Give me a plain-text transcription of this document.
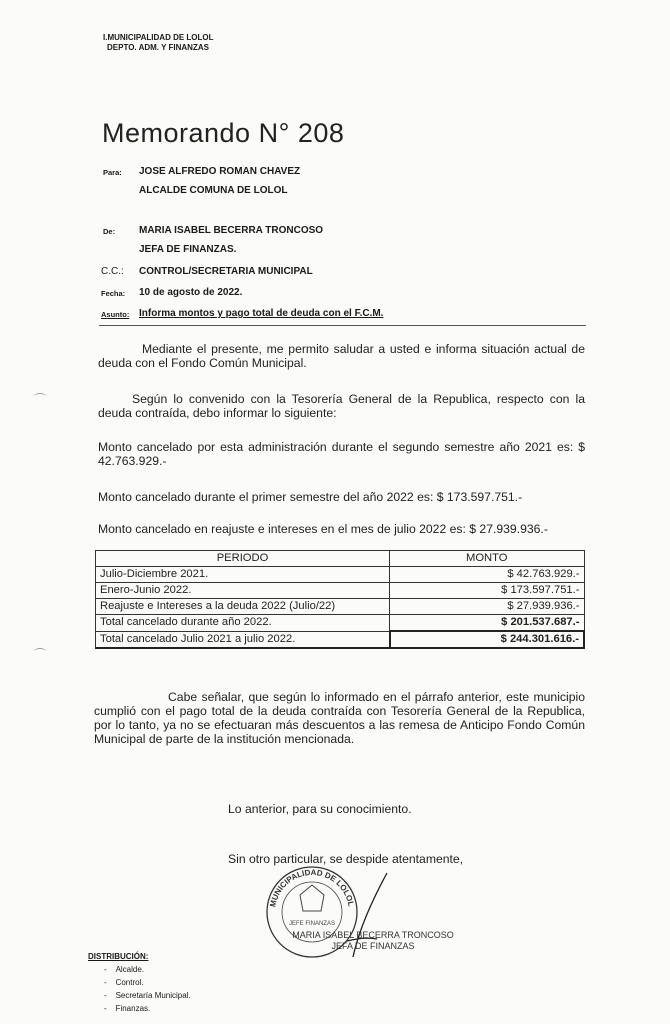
I.MUNICIPALIDAD DE LOLOL
DEPTO. ADM. Y FINANZAS
Memorando N° 208
Para: JOSE ALFREDO ROMAN CHAVEZ
ALCALDE COMUNA DE LOLOL
De: MARIA ISABEL BECERRA TRONCOSO
JEFA DE FINANZAS.
C.C.: CONTROL/SECRETARIA MUNICIPAL
Fecha: 10 de agosto de 2022.
Asunto: Informa montos y pago total de deuda con el F.C.M.
Mediante el presente, me permito saludar a usted e informa situación actual de deuda con el Fondo Común Municipal.
Según lo convenido con la Tesorería General de la Republica, respecto con la deuda contraída, debo informar lo siguiente:
Monto cancelado por esta administración durante el segundo semestre año 2021 es: $ 42.763.929.-
Monto cancelado durante el primer semestre del año 2022 es: $ 173.597.751.-
Monto cancelado en reajuste e intereses en el mes de julio 2022 es: $ 27.939.936.-
PERIODO	MONTO
Julio-Diciembre 2021.	$ 42.763.929.-
Enero-Junio 2022.	$ 173.597.751.-
Reajuste e Intereses a la deuda 2022 (Julio/22)	$ 27.939.936.-
Total cancelado durante año 2022.	$ 201.537.687.-
Total cancelado Julio 2021 a julio 2022.	$ 244.301.616.-
Cabe señalar, que según lo informado en el párrafo anterior, este municipio cumplió con el pago total de la deuda contraída con Tesorería General de la Republica, por lo tanto, ya no se efectuaran más descuentos a las remesa de Anticipo Fondo Común Municipal de parte de la institución mencionada.
Lo anterior, para su conocimiento.
Sin otro particular, se despide atentamente,
MUNICIPALIDAD DE LOLOL
JEFE FINANZAS
MARIA ISABEL BECERRA TRONCOSO
JEFA DE FINANZAS
DISTRIBUCIÓN:
-    Alcalde.
-    Control.
-    Secretaría Municipal.
-    Finanzas.
